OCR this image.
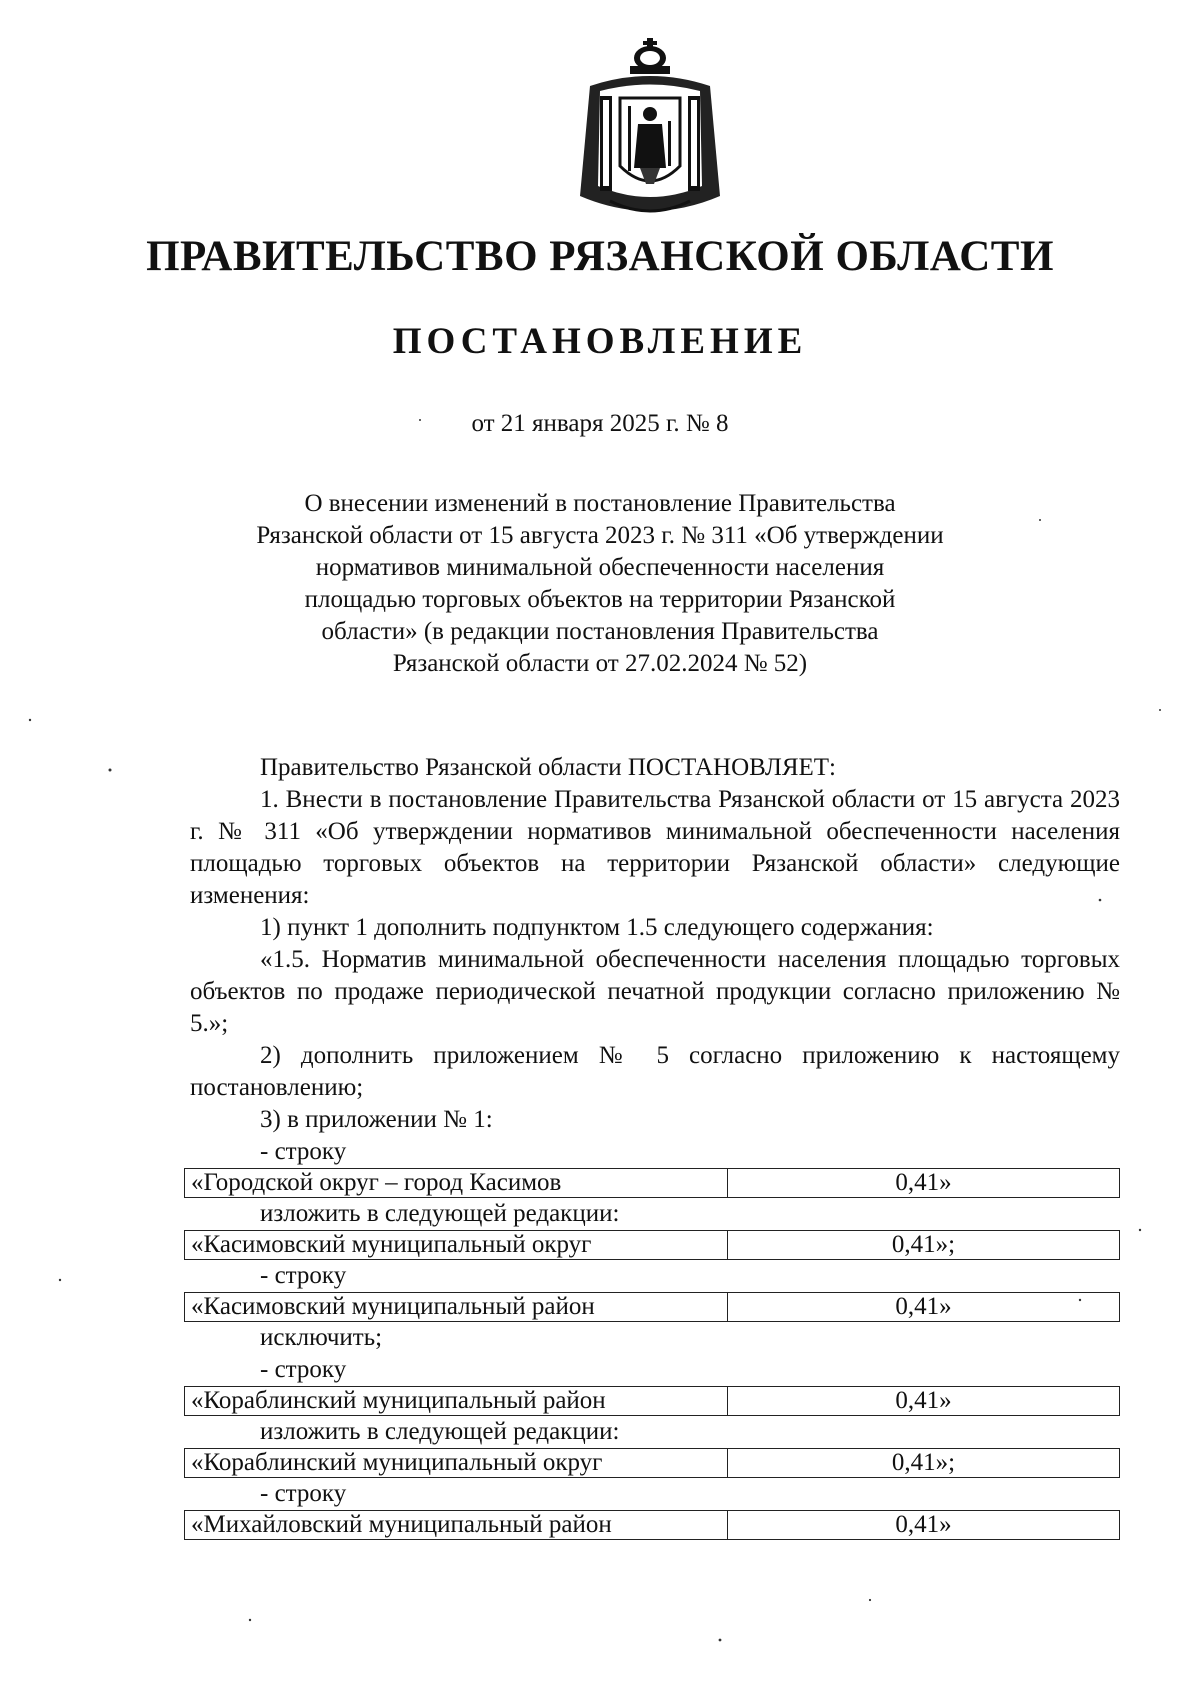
ПРАВИТЕЛЬСТВО РЯЗАНСКОЙ ОБЛАСТИ
ПОСТАНОВЛЕНИЕ

от 21 января 2025 г. № 8

О внесении изменений в постановление Правительства
Рязанской области от 15 августа 2023 г. № 311 «Об утверждении
нормативов минимальной обеспеченности населения
площадью торговых объектов на территории Рязанской
области» (в редакции постановления Правительства
Рязанской области от 27.02.2024 № 52)

Правительство Рязанской области ПОСТАНОВЛЯЕТ:

1. Внести в постановление Правительства Рязанской области от 15 августа 2023 г. № 311 «Об утверждении нормативов минимальной обеспеченности населения площадью торговых объектов на территории Рязанской области» следующие изменения:

1) пункт 1 дополнить подпунктом 1.5 следующего содержания:

«1.5. Норматив минимальной обеспеченности населения площадью торговых объектов по продаже периодической печатной продукции согласно приложению № 5.»;

2) дополнить приложением № 5 согласно приложению к настоящему постановлению;

3) в приложении № 1:

- строку

«Городской округ – город Касимов	0,41»

изложить в следующей редакции:

«Касимовский муниципальный округ	0,41»;

- строку

«Касимовский муниципальный район	0,41»

исключить;

- строку

«Кораблинский муниципальный район	0,41»

изложить в следующей редакции:

«Кораблинский муниципальный округ	0,41»;

- строку

«Михайловский муниципальный район	0,41»
